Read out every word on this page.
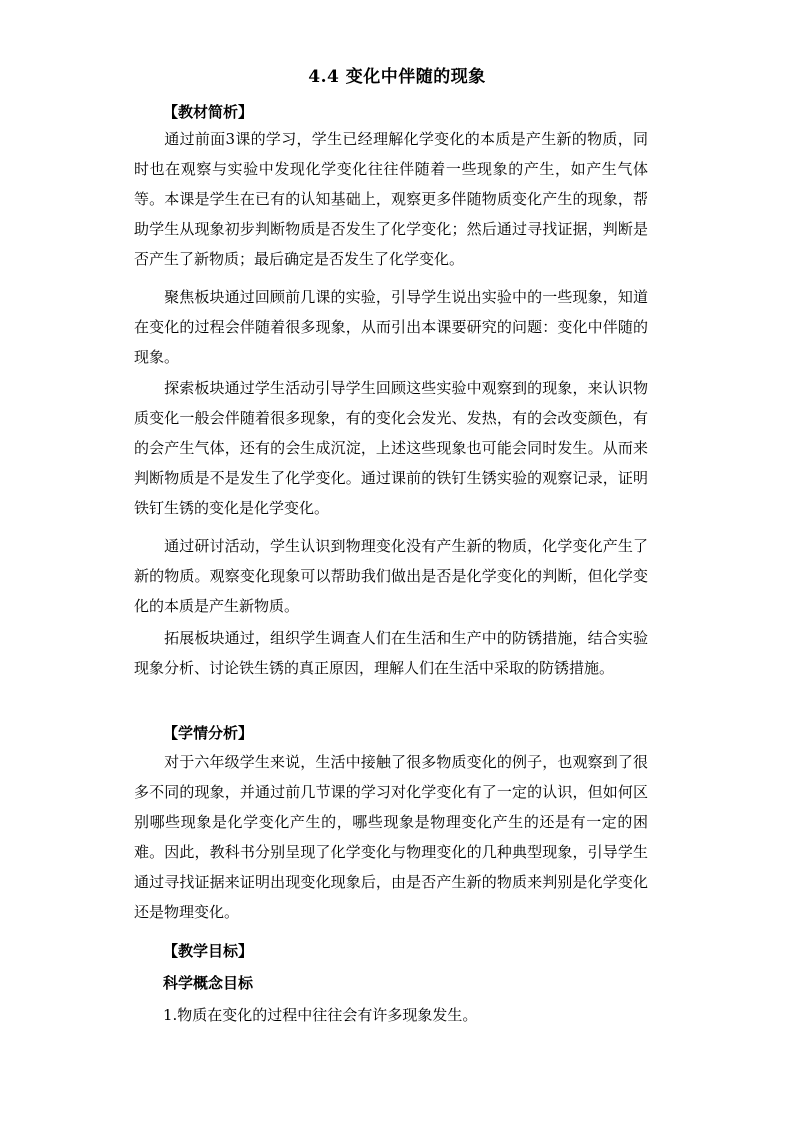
4.4 变化中伴随的现象
【教材简析】

通过前面3课的学习，学生已经理解化学变化的本质是产生新的物质，同时也在观察与实验中发现化学变化往往伴随着一些现象的产生，如产生气体等。本课是学生在已有的认知基础上，观察更多伴随物质变化产生的现象，帮助学生从现象初步判断物质是否发生了化学变化；然后通过寻找证据，判断是否产生了新物质；最后确定是否发生了化学变化。

聚焦板块通过回顾前几课的实验，引导学生说出实验中的一些现象，知道在变化的过程会伴随着很多现象，从而引出本课要研究的问题：变化中伴随的现象。

探索板块通过学生活动引导学生回顾这些实验中观察到的现象，来认识物质变化一般会伴随着很多现象，有的变化会发光、发热，有的会改变颜色，有的会产生气体，还有的会生成沉淀，上述这些现象也可能会同时发生。从而来判断物质是不是发生了化学变化。通过课前的铁钉生锈实验的观察记录，证明铁钉生锈的变化是化学变化。

通过研讨活动，学生认识到物理变化没有产生新的物质，化学变化产生了新的物质。观察变化现象可以帮助我们做出是否是化学变化的判断，但化学变化的本质是产生新物质。

拓展板块通过，组织学生调查人们在生活和生产中的防锈措施，结合实验现象分析、讨论铁生锈的真正原因，理解人们在生活中采取的防锈措施。

【学情分析】

对于六年级学生来说，生活中接触了很多物质变化的例子，也观察到了很多不同的现象，并通过前几节课的学习对化学变化有了一定的认识，但如何区别哪些现象是化学变化产生的，哪些现象是物理变化产生的还是有一定的困难。因此，教科书分别呈现了化学变化与物理变化的几种典型现象，引导学生通过寻找证据来证明出现变化现象后，由是否产生新的物质来判别是化学变化还是物理变化。

【教学目标】
科学概念目标
1.物质在变化的过程中往往会有许多现象发生。
